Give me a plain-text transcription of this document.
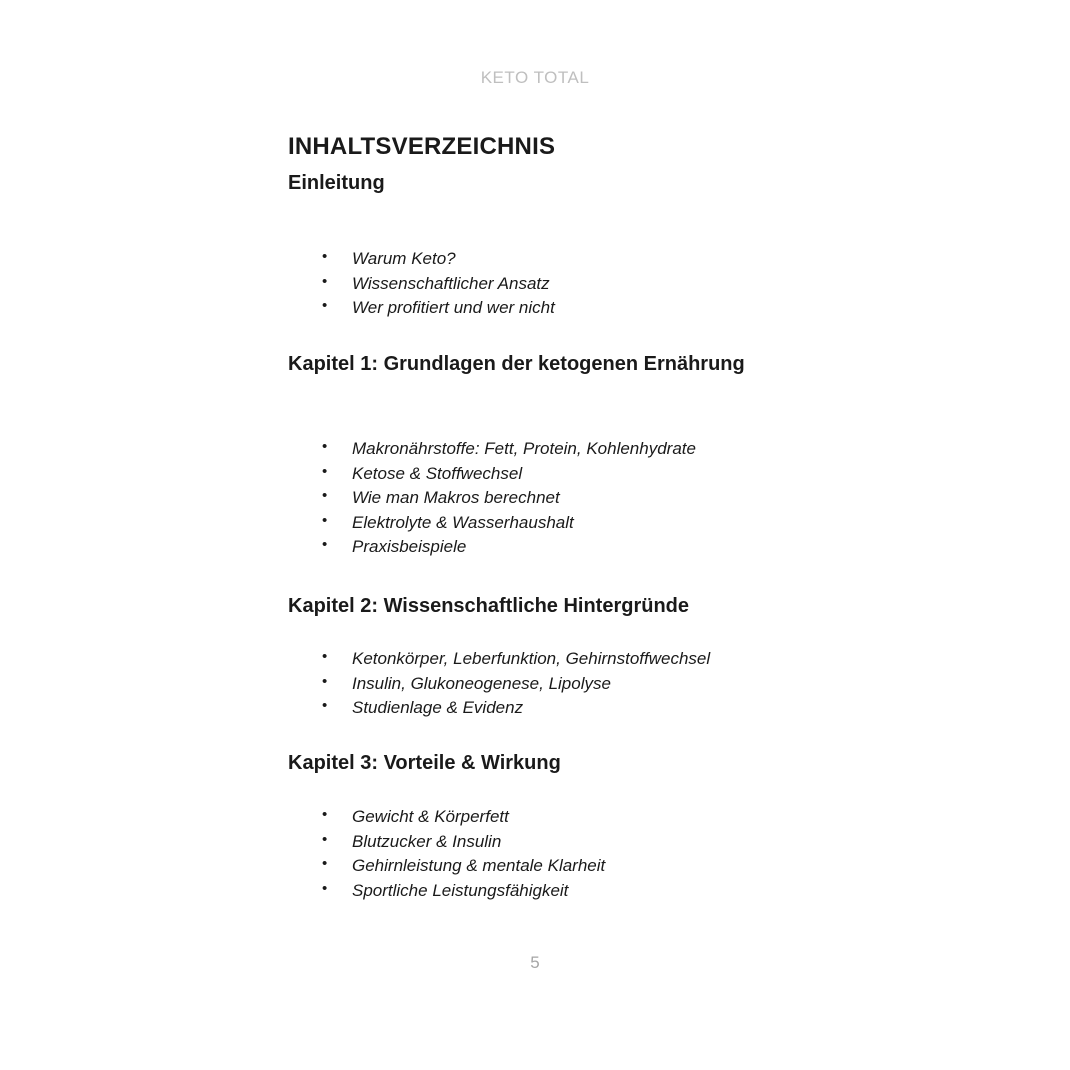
KETO TOTAL
INHALTSVERZEICHNIS
Einleitung
• Warum Keto?
• Wissenschaftlicher Ansatz
• Wer profitiert und wer nicht
Kapitel 1: Grundlagen der ketogenen Ernährung
• Makronährstoffe: Fett, Protein, Kohlenhydrate
• Ketose & Stoffwechsel
• Wie man Makros berechnet
• Elektrolyte & Wasserhaushalt
• Praxisbeispiele
Kapitel 2: Wissenschaftliche Hintergründe
• Ketonkörper, Leberfunktion, Gehirnstoffwechsel
• Insulin, Glukoneogenese, Lipolyse
• Studienlage & Evidenz
Kapitel 3: Vorteile & Wirkung
• Gewicht & Körperfett
• Blutzucker & Insulin
• Gehirnleistung & mentale Klarheit
• Sportliche Leistungsfähigkeit
5
